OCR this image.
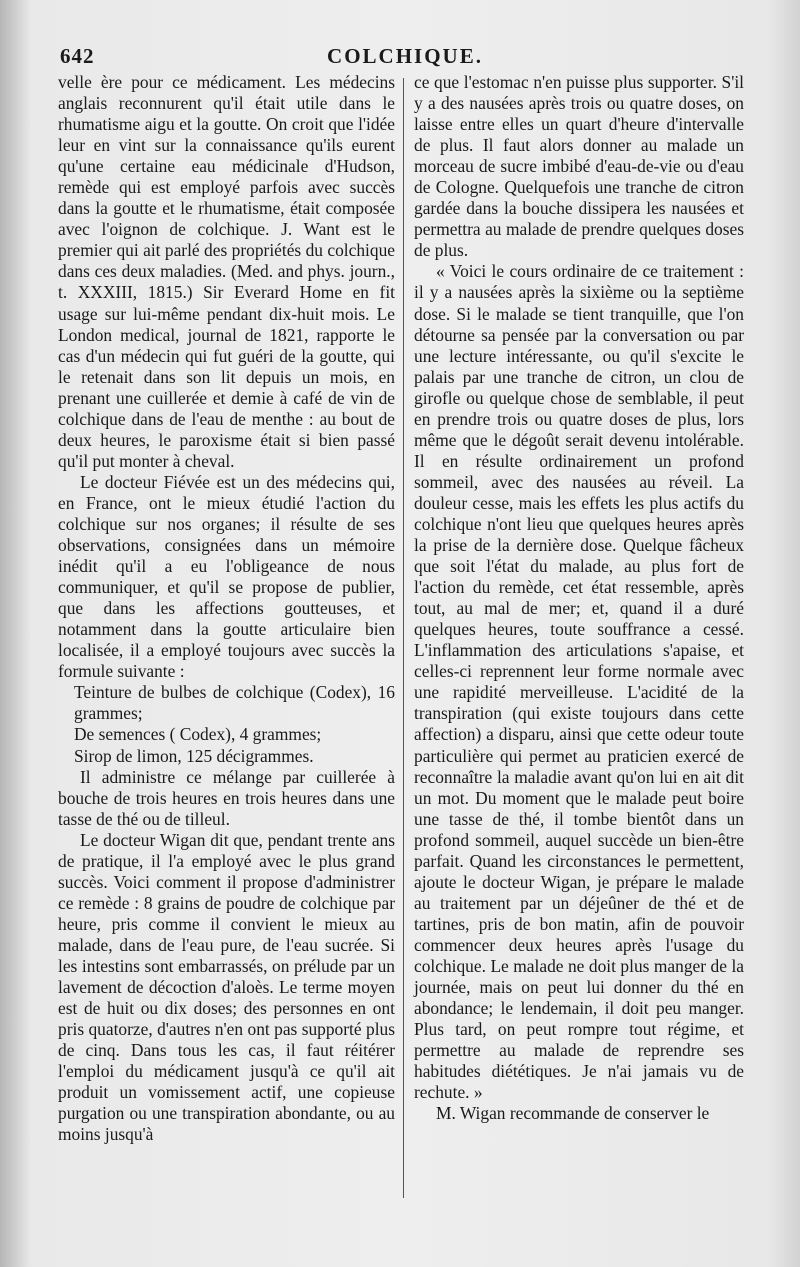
642	COLCHIQUE.

velle ère pour ce médicament. Les médecins anglais reconnurent qu'il était utile dans le rhumatisme aigu et la goutte. On croit que l'idée leur en vint sur la connaissance qu'ils eurent qu'une certaine eau médicinale d'Hudson, remède qui est employé parfois avec succès dans la goutte et le rhumatisme, était composée avec l'oignon de colchique. J. Want est le premier qui ait parlé des propriétés du colchique dans ces deux maladies. (Med. and phys. journ., t. XXXIII, 1815.) Sir Everard Home en fit usage sur lui-même pendant dix-huit mois. Le London medical, journal de 1821, rapporte le cas d'un médecin qui fut guéri de la goutte, qui le retenait dans son lit depuis un mois, en prenant une cuillerée et demie à café de vin de colchique dans de l'eau de menthe : au bout de deux heures, le paroxisme était si bien passé qu'il put monter à cheval.

Le docteur Fiévée est un des médecins qui, en France, ont le mieux étudié l'action du colchique sur nos organes; il résulte de ses observations, consignées dans un mémoire inédit qu'il a eu l'obligeance de nous communiquer, et qu'il se propose de publier, que dans les affections goutteuses, et notamment dans la goutte articulaire bien localisée, il a employé toujours avec succès la formule suivante :

Teinture de bulbes de colchique (Codex), 16 grammes;

De semences ( Codex), 4 grammes;

Sirop de limon, 125 décigrammes.

Il administre ce mélange par cuillerée à bouche de trois heures en trois heures dans une tasse de thé ou de tilleul.

Le docteur Wigan dit que, pendant trente ans de pratique, il l'a employé avec le plus grand succès. Voici comment il propose d'administrer ce remède : 8 grains de poudre de colchique par heure, pris comme il convient le mieux au malade, dans de l'eau pure, de l'eau sucrée. Si les intestins sont embarrassés, on prélude par un lavement de décoction d'aloès. Le terme moyen est de huit ou dix doses; des personnes en ont pris quatorze, d'autres n'en ont pas supporté plus de cinq. Dans tous les cas, il faut réitérer l'emploi du médicament jusqu'à ce qu'il ait produit un vomissement actif, une copieuse purgation ou une transpiration abondante, ou au moins jusqu'à

ce que l'estomac n'en puisse plus supporter. S'il y a des nausées après trois ou quatre doses, on laisse entre elles un quart d'heure d'intervalle de plus. Il faut alors donner au malade un morceau de sucre imbibé d'eau-de-vie ou d'eau de Cologne. Quelquefois une tranche de citron gardée dans la bouche dissipera les nausées et permettra au malade de prendre quelques doses de plus.

« Voici le cours ordinaire de ce traitement : il y a nausées après la sixième ou la septième dose. Si le malade se tient tranquille, que l'on détourne sa pensée par la conversation ou par une lecture intéressante, ou qu'il s'excite le palais par une tranche de citron, un clou de girofle ou quelque chose de semblable, il peut en prendre trois ou quatre doses de plus, lors même que le dégoût serait devenu intolérable. Il en résulte ordinairement un profond sommeil, avec des nausées au réveil. La douleur cesse, mais les effets les plus actifs du colchique n'ont lieu que quelques heures après la prise de la dernière dose. Quelque fâcheux que soit l'état du malade, au plus fort de l'action du remède, cet état ressemble, après tout, au mal de mer; et, quand il a duré quelques heures, toute souffrance a cessé. L'inflammation des articulations s'apaise, et celles-ci reprennent leur forme normale avec une rapidité merveilleuse. L'acidité de la transpiration (qui existe toujours dans cette affection) a disparu, ainsi que cette odeur toute particulière qui permet au praticien exercé de reconnaître la maladie avant qu'on lui en ait dit un mot. Du moment que le malade peut boire une tasse de thé, il tombe bientôt dans un profond sommeil, auquel succède un bien-être parfait. Quand les circonstances le permettent, ajoute le docteur Wigan, je prépare le malade au traitement par un déjeûner de thé et de tartines, pris de bon matin, afin de pouvoir commencer deux heures après l'usage du colchique. Le malade ne doit plus manger de la journée, mais on peut lui donner du thé en abondance; le lendemain, il doit peu manger. Plus tard, on peut rompre tout régime, et permettre au malade de reprendre ses habitudes diététiques. Je n'ai jamais vu de rechute. »

M. Wigan recommande de conserver le
